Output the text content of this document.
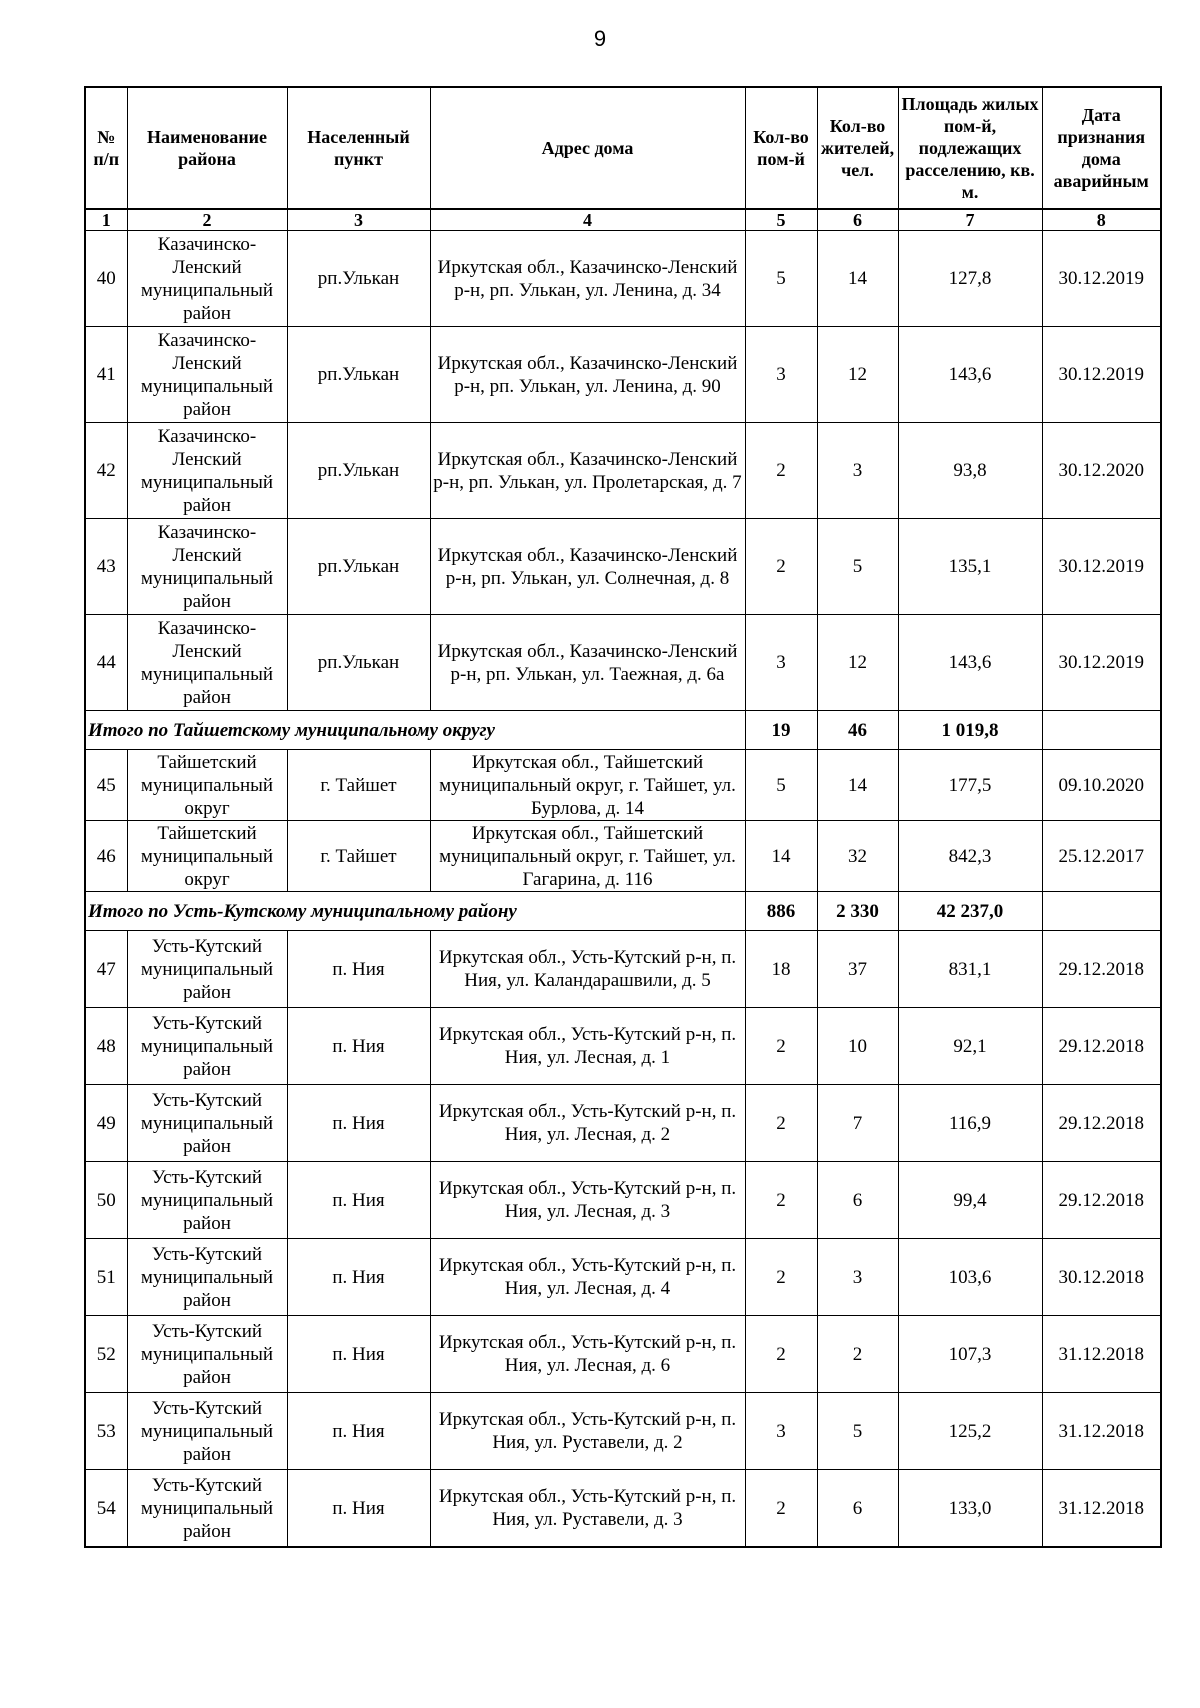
9
№ п/п	Наименование района	Населенный пункт	Адрес дома	Кол-во пом-й	Кол-во жителей, чел.	Площадь жилых пом-й, подлежащих расселению, кв. м.	Дата признания дома аварийным
1	2	3	4	5	6	7	8
40	Казачинско-Ленский муниципальный район	рп.Улькан	Иркутская обл., Казачинско-Ленский р-н, рп. Улькан, ул. Ленина, д. 34	5	14	127,8	30.12.2019
41	Казачинско-Ленский муниципальный район	рп.Улькан	Иркутская обл., Казачинско-Ленский р-н, рп. Улькан, ул. Ленина, д. 90	3	12	143,6	30.12.2019
42	Казачинско-Ленский муниципальный район	рп.Улькан	Иркутская обл., Казачинско-Ленский р-н, рп. Улькан, ул. Пролетарская, д. 7	2	3	93,8	30.12.2020
43	Казачинско-Ленский муниципальный район	рп.Улькан	Иркутская обл., Казачинско-Ленский р-н, рп. Улькан, ул. Солнечная, д. 8	2	5	135,1	30.12.2019
44	Казачинско-Ленский муниципальный район	рп.Улькан	Иркутская обл., Казачинско-Ленский р-н, рп. Улькан, ул. Таежная, д. 6а	3	12	143,6	30.12.2019
Итого по Тайшетскому муниципальному округу				19	46	1 019,8	
45	Тайшетский муниципальный округ	г. Тайшет	Иркутская обл., Тайшетский муниципальный округ, г. Тайшет, ул. Бурлова, д. 14	5	14	177,5	09.10.2020
46	Тайшетский муниципальный округ	г. Тайшет	Иркутская обл., Тайшетский муниципальный округ, г. Тайшет, ул. Гагарина, д. 116	14	32	842,3	25.12.2017
Итого по Усть-Кутскому муниципальному району				886	2 330	42 237,0	
47	Усть-Кутский муниципальный район	п. Ния	Иркутская обл., Усть-Кутский р-н, п. Ния, ул. Каландарашвили, д. 5	18	37	831,1	29.12.2018
48	Усть-Кутский муниципальный район	п. Ния	Иркутская обл., Усть-Кутский р-н, п. Ния, ул. Лесная, д. 1	2	10	92,1	29.12.2018
49	Усть-Кутский муниципальный район	п. Ния	Иркутская обл., Усть-Кутский р-н, п. Ния, ул. Лесная, д. 2	2	7	116,9	29.12.2018
50	Усть-Кутский муниципальный район	п. Ния	Иркутская обл., Усть-Кутский р-н, п. Ния, ул. Лесная, д. 3	2	6	99,4	29.12.2018
51	Усть-Кутский муниципальный район	п. Ния	Иркутская обл., Усть-Кутский р-н, п. Ния, ул. Лесная, д. 4	2	3	103,6	30.12.2018
52	Усть-Кутский муниципальный район	п. Ния	Иркутская обл., Усть-Кутский р-н, п. Ния, ул. Лесная, д. 6	2	2	107,3	31.12.2018
53	Усть-Кутский муниципальный район	п. Ния	Иркутская обл., Усть-Кутский р-н, п. Ния, ул. Руставели, д. 2	3	5	125,2	31.12.2018
54	Усть-Кутский муниципальный район	п. Ния	Иркутская обл., Усть-Кутский р-н, п. Ния, ул. Руставели, д. 3	2	6	133,0	31.12.2018
